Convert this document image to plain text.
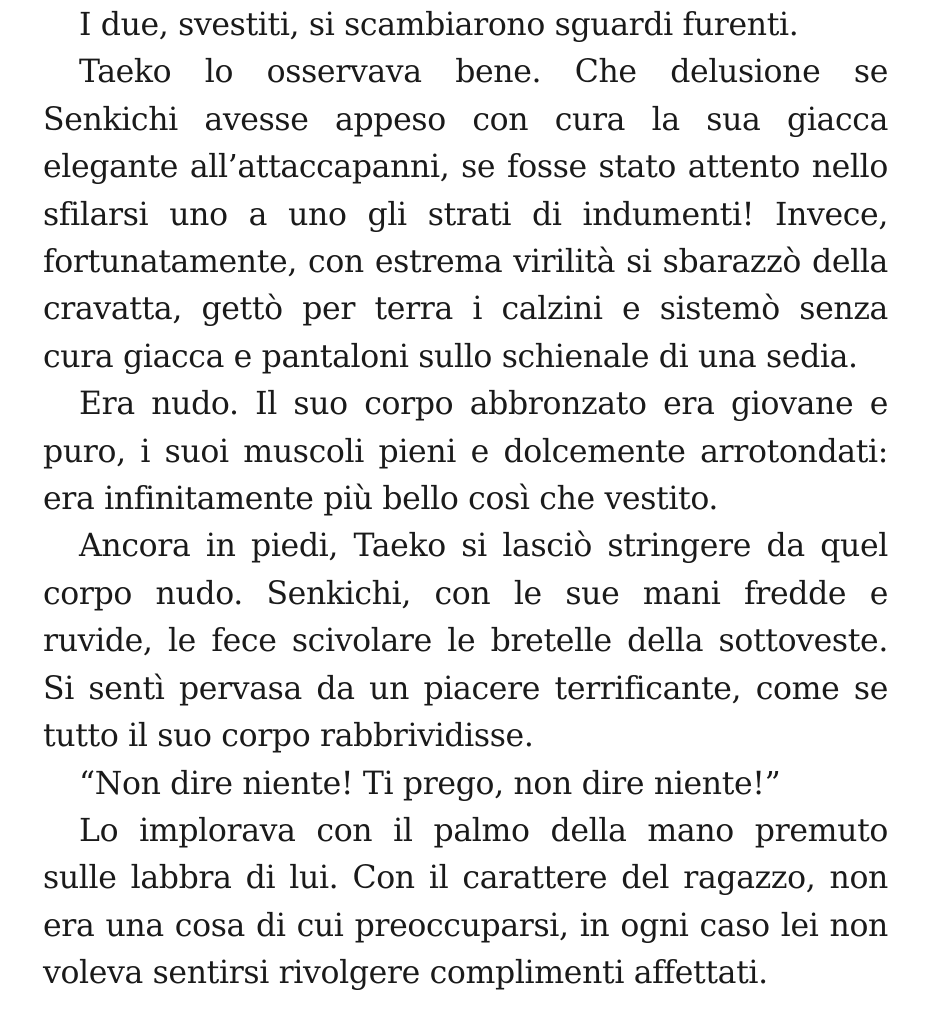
I due, svestiti, si scambiarono sguardi furenti.

Taeko lo osservava bene. Che delusione se Senkichi avesse appeso con cura la sua giacca elegante all’attaccapanni, se fosse stato attento nello sfilarsi uno a uno gli strati di indumenti! Invece, fortunatamente, con estrema virilità si sbarazzò della cravatta, gettò per terra i calzini e sistemò senza cura giacca e pantaloni sullo schienale di una sedia.

Era nudo. Il suo corpo abbronzato era giovane e puro, i suoi muscoli pieni e dolcemente arrotondati: era infinitamente più bello così che vestito.

Ancora in piedi, Taeko si lasciò stringere da quel corpo nudo. Senkichi, con le sue mani fredde e ruvide, le fece scivolare le bretelle della sottoveste. Si sentì pervasa da un piacere terrificante, come se tutto il suo corpo rabbrividisse.

“Non dire niente! Ti prego, non dire niente!”

Lo implorava con il palmo della mano premuto sulle labbra di lui. Con il carattere del ragazzo, non era una cosa di cui preoccuparsi, in ogni caso lei non voleva sentirsi rivolgere complimenti affettati.
